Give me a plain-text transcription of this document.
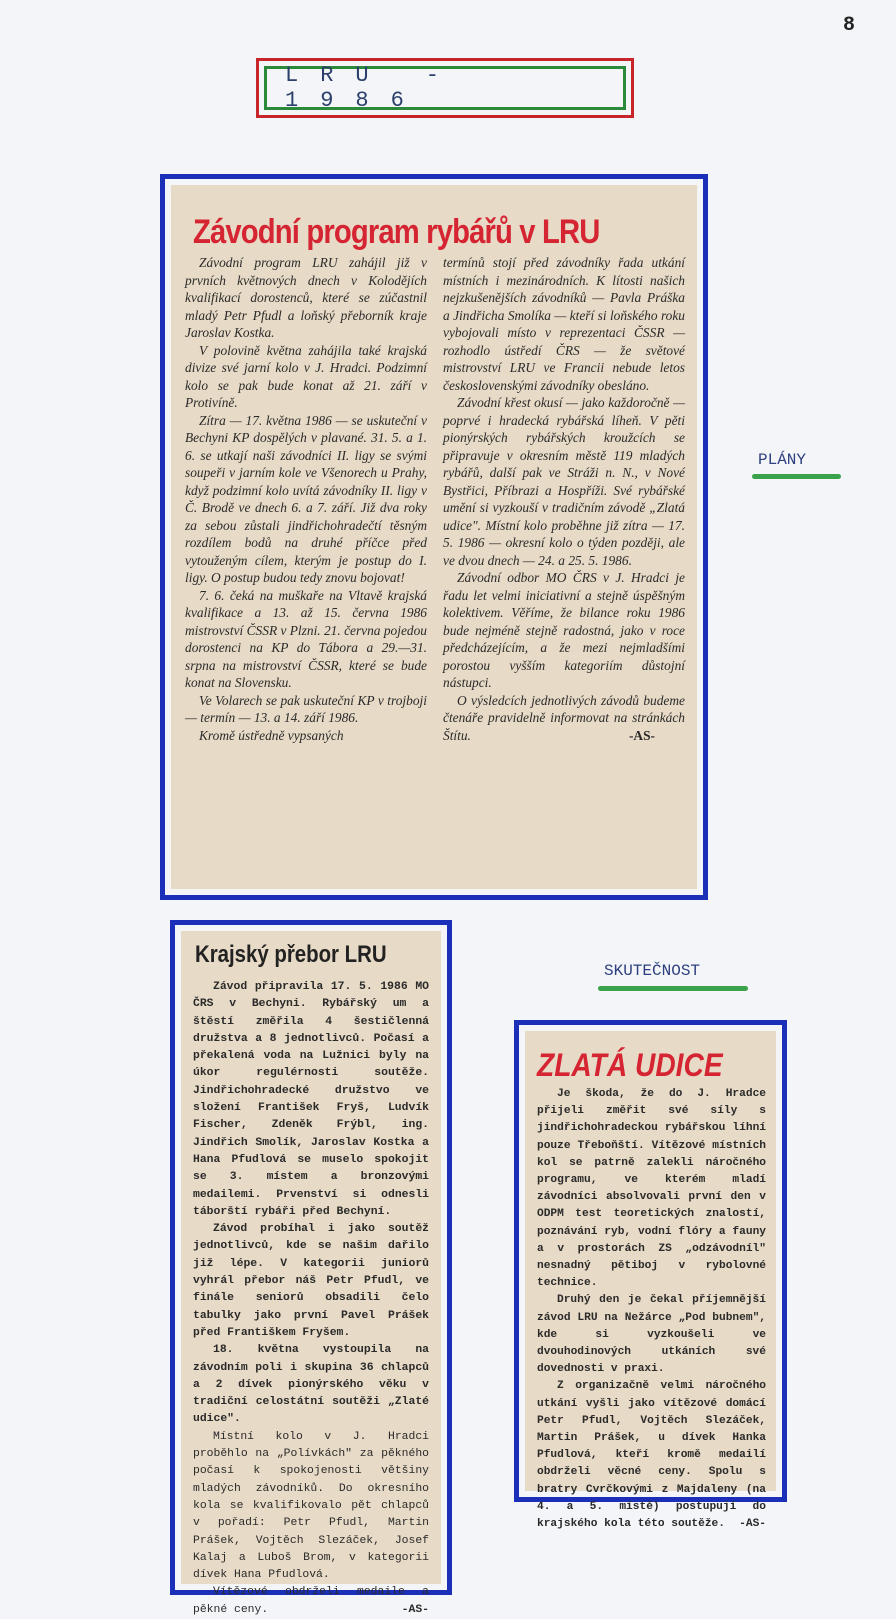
8
LRU - 1986
Závodní program rybářů v LRU

Závodní program LRU zahájil již v prvních květnových dnech v Kolodějích kvalifikací dorostenců, které se zúčastnil mladý Petr Pfudl a loňský přeborník kraje Jaroslav Kostka.

V polovině května zahájila také krajská divize své jarní kolo v J. Hradci. Podzimní kolo se pak bude konat až 21. září v Protivíně.

Zítra — 17. května 1986 — se uskuteční v Bechyni KP dospělých v plavané. 31. 5. a 1. 6. se utkají naši závodníci II. ligy se svými soupeři v jarním kole ve Všenorech u Prahy, když podzimní kolo uvítá závodníky II. ligy v Č. Brodě ve dnech 6. a 7. září. Již dva roky za sebou zůstali jindřichohradečtí těsným rozdílem bodů na druhé příčce před vytouženým cílem, kterým je postup do I. ligy. O postup budou tedy znovu bojovat!

7. 6. čeká na muškaře na Vltavě krajská kvalifikace a 13. až 15. června 1986 mistrovství ČSSR v Plzni. 21. června pojedou dorostenci na KP do Tábora a 29.—31. srpna na mistrovství ČSSR, které se bude konat na Slovensku.

Ve Volarech se pak uskuteční KP v trojboji — termín — 13. a 14. září 1986.

Kromě ústředně vypsaných

termínů stojí před závodníky řada utkání místních i mezinárodních. K lítosti našich nejzkušenějších závodníků — Pavla Práška a Jindřicha Smolíka — kteří si loňského roku vybojovali místo v reprezentaci ČSSR — rozhodlo ústředí ČRS — že světové mistrovství LRU ve Francii nebude letos československými závodníky obesláno.

Závodní křest okusí — jako každoročně — poprvé i hradecká rybářská líheň. V pěti pionýrských rybářských kroužcích se připravuje v okresním městě 119 mladých rybářů, další pak ve Stráži n. N., v Nové Bystřici, Příbrazi a Hospříži. Své rybářské umění si vyzkouší v tradičním závodě „Zlatá udice". Místní kolo proběhne již zítra — 17. 5. 1986 — okresní kolo o týden později, ale ve dvou dnech — 24. a 25. 5. 1986.

Závodní odbor MO ČRS v J. Hradci je řadu let velmi iniciativní a stejně úspěšným kolektivem. Věříme, že bilance roku 1986 bude nejméně stejně radostná, jako v roce předcházejícím, a že mezi nejmladšími porostou vyšším kategoriím důstojní nástupci.

O výsledcích jednotlivých závodů budeme čtenáře pravidelně informovat na stránkách Štítu.	-AS-
PLÁNY
Krajský přebor LRU

Závod připravila 17. 5. 1986 MO ČRS v Bechyni. Rybářský um a štěstí změřila 4 šestičlenná družstva a 8 jednotlivců. Počasí a překalená voda na Lužnici byly na úkor regulérnosti soutěže. Jindřichohradecké družstvo ve složení František Fryš, Ludvík Fischer, Zdeněk Frýbl, ing. Jindřich Smolík, Jaroslav Kostka a Hana Pfudlová se muselo spokojit se 3. místem a bronzovými medailemi. Prvenství si odnesli táborští rybáři před Bechyní.

Závod probíhal i jako soutěž jednotlivců, kde se našim dařilo již lépe. V kategorii juniorů vyhrál přebor náš Petr Pfudl, ve finále seniorů obsadili čelo tabulky jako první Pavel Prášek před Františkem Fryšem.

18. května vystoupila na závodním poli i skupina 36 chlapců a 2 dívek pionýrského věku v tradiční celostátní soutěži „Zlaté udice".

Místní kolo v J. Hradci proběhlo na „Polívkách" za pěkného počasí k spokojenosti většiny mladých závodníků. Do okresního kola se kvalifikovalo pět chlapců v pořadí: Petr Pfudl, Martin Prášek, Vojtěch Slezáček, Josef Kalaj a Luboš Brom, v kategorii dívek Hana Pfudlová.

Vítězové obdrželi medaile a pěkné ceny.	-AS-
SKUTEČNOST
ZLATÁ UDICE

Je škoda, že do J. Hradce přijeli změřit své síly s jindřichohradeckou rybářskou líhní pouze Třeboňští. Vítězové místních kol se patrně zalekli náročného programu, ve kterém mladí závodníci absolvovali první den v ODPM test teoretických znalostí, poznávání ryb, vodní flóry a fauny a v prostorách ZS „odzávodníl" nesnadný pětiboj v rybolovné technice.

Druhý den je čekal příjemnější závod LRU na Nežárce „Pod bubnem", kde si vyzkoušeli ve dvouhodinových utkáních své dovednosti v praxi.

Z organizačně velmi náročného utkání vyšli jako vítězové domácí Petr Pfudl, Vojtěch Slezáček, Martin Prášek, u dívek Hanka Pfudlová, kteří kromě medailí obdrželi věcné ceny. Spolu s bratry Cvrčkovými z Majdaleny (na 4. a 5. místě) postupují do krajského kola této soutěže.	-AS-
